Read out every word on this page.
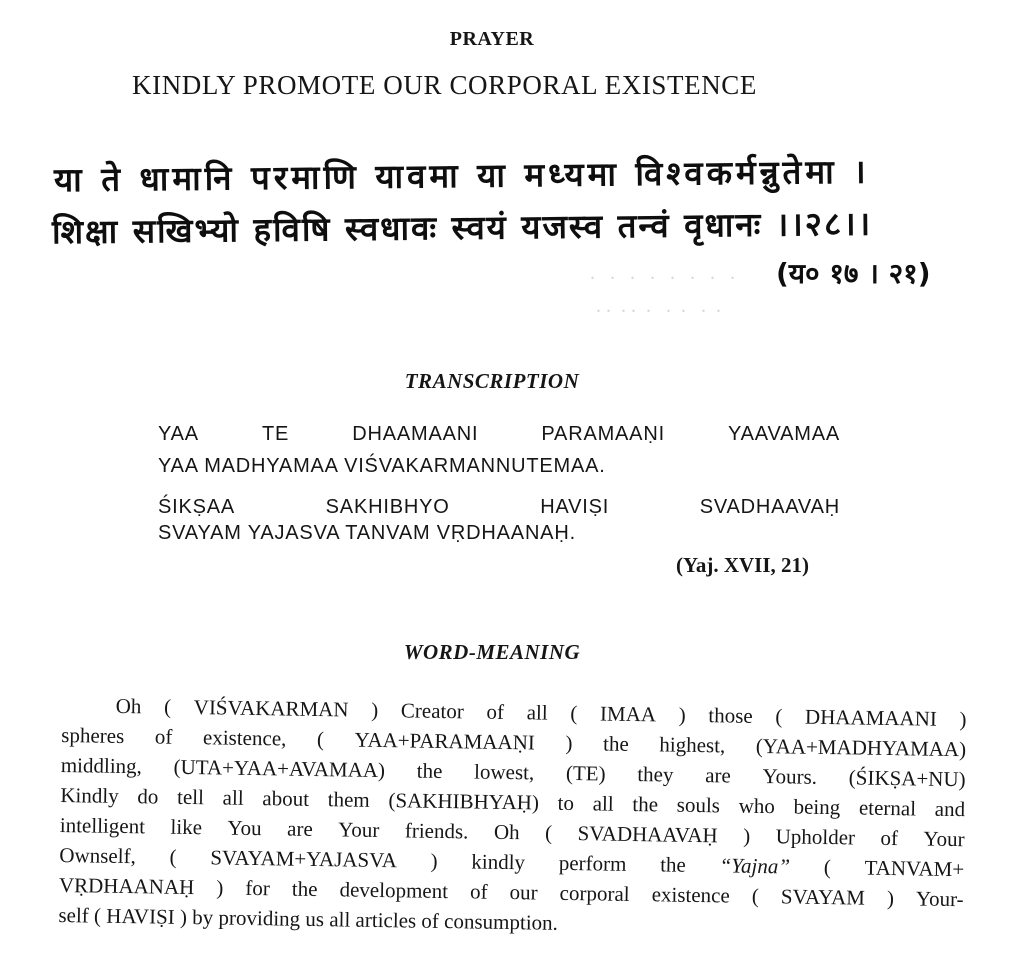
.   .   .   .   .   .   .   .
. .  . .  .   .  .   .  .
PRAYER
KINDLY PROMOTE OUR CORPORAL EXISTENCE
या ते धामानि परमाणि यावमा या मध्यमा विश्वकर्मन्नुतेमा ।
शिक्षा सखिभ्यो हविषि स्वधावः स्वयं यजस्व तन्वं वृधानः ।।२८।।
(य० १७ । २१)
TRANSCRIPTION
YAA	TE	DHAAMAANI	PARAMAAṆI	YAAVAMAA
YAA MADHYAMAA VIŚVAKARMANNUTEMAA.
ŚIKṢAA	SAKHIBHYO	HAVIṢI	SVADHAAVAḤ
SVAYAM YAJASVA TANVAM VṚDHAANAḤ.
(Yaj. XVII, 21)
WORD-MEANING
Oh ( VIŚVAKARMAN ) Creator of all ( IMAA ) those ( DHAAMAANI )
spheres of existence, ( YAA+PARAMAAṆI ) the highest, (YAA+MADHYAMAA)
middling, (UTA+YAA+AVAMAA) the lowest, (TE) they are Yours. (ŚIKṢA+NU)
Kindly do tell all about them (SAKHIBHYAḤ) to all the souls who being eternal and
intelligent like You are Your friends. Oh ( SVADHAAVAḤ ) Upholder of Your
Ownself, ( SVAYAM+YAJASVA ) kindly perform the “Yajna” ( TANVAM+
VṚDHAANAḤ ) for the development of our corporal existence ( SVAYAM ) Your-
self ( HAVIṢI ) by providing us all articles of consumption.
